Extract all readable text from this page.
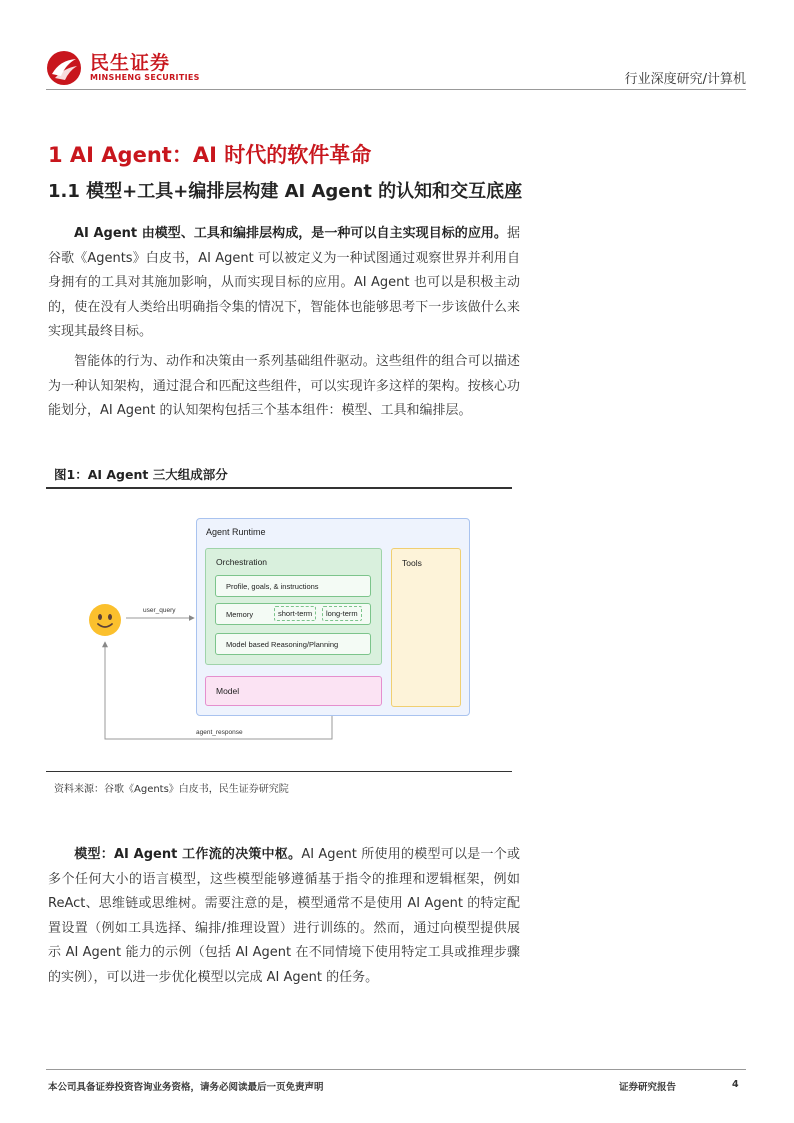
民生证券
MINSHENG SECURITIES	行业深度研究/计算机
1 AI Agent：AI 时代的软件革命
1.1 模型+工具+编排层构建 AI Agent 的认知和交互底座
AI Agent 由模型、工具和编排层构成，是一种可以自主实现目标的应用。据谷歌《Agents》白皮书，AI Agent 可以被定义为一种试图通过观察世界并利用自身拥有的工具对其施加影响，从而实现目标的应用。AI Agent 也可以是积极主动的，使在没有人类给出明确指令集的情况下，智能体也能够思考下一步该做什么来实现其最终目标。
智能体的行为、动作和决策由一系列基础组件驱动。这些组件的组合可以描述为一种认知架构，通过混合和匹配这些组件，可以实现许多这样的架构。按核心功能划分，AI Agent 的认知架构包括三个基本组件：模型、工具和编排层。
图1：AI Agent 三大组成部分
Agent Runtime
Orchestration
Profile, goals, & instructions
Memory	short-term	long-term
Model based Reasoning/Planning
Model
Tools
user_query
agent_response
资料来源：谷歌《Agents》白皮书，民生证券研究院
模型：AI Agent 工作流的决策中枢。AI Agent 所使用的模型可以是一个或多个任何大小的语言模型，这些模型能够遵循基于指令的推理和逻辑框架，例如 ReAct、思维链或思维树。需要注意的是，模型通常不是使用 AI Agent 的特定配置设置（例如工具选择、编排/推理设置）进行训练的。然而，通过向模型提供展示 AI Agent 能力的示例（包括 AI Agent 在不同情境下使用特定工具或推理步骤的实例），可以进一步优化模型以完成 AI Agent 的任务。
本公司具备证券投资咨询业务资格，请务必阅读最后一页免责声明	证券研究报告	4
